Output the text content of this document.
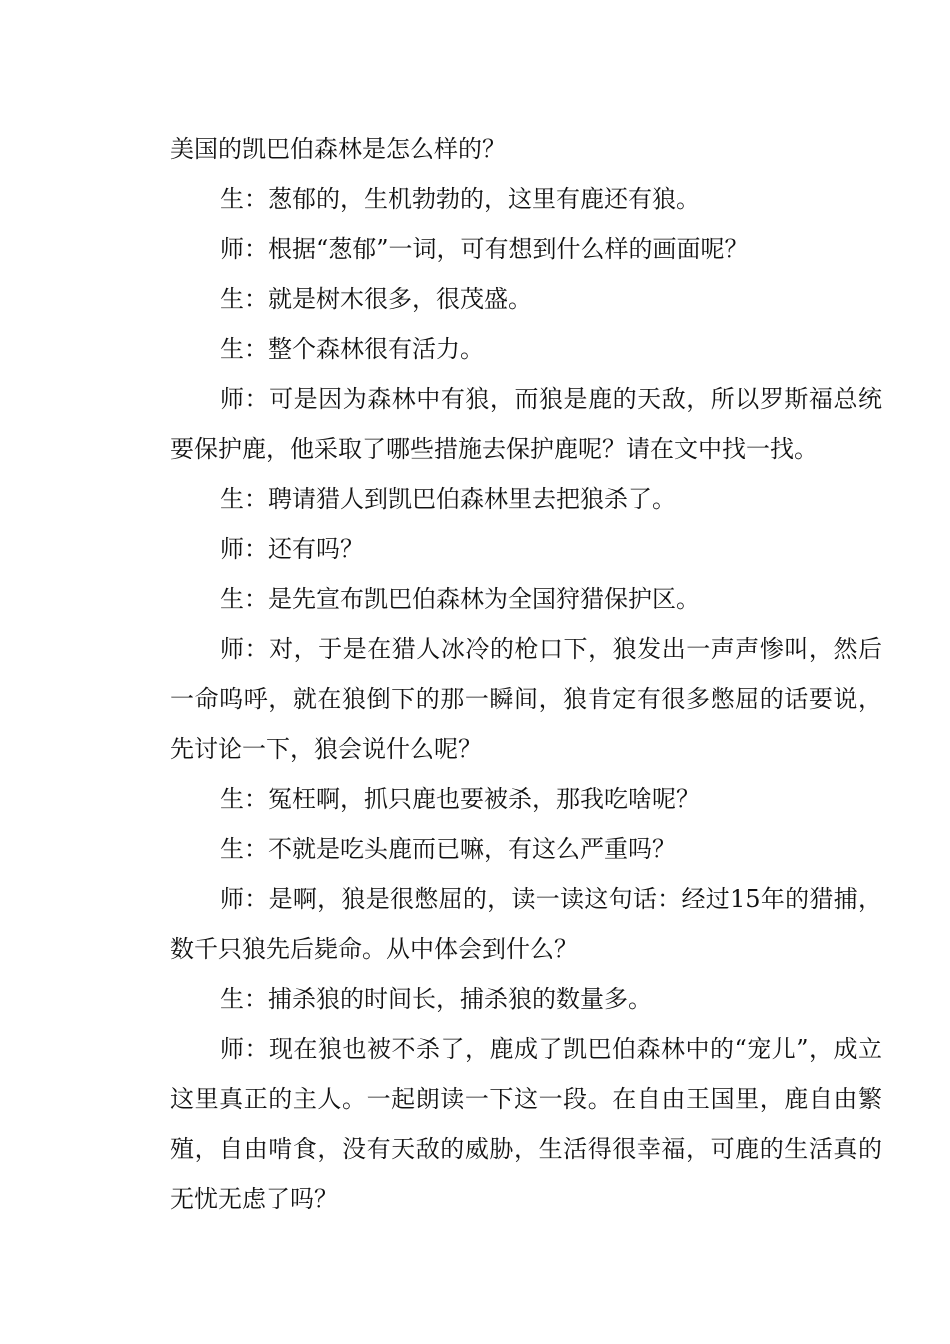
美国的凯巴伯森林是怎么样的？

生：葱郁的，生机勃勃的，这里有鹿还有狼。

师：根据“葱郁”一词，可有想到什么样的画面呢？

生：就是树木很多，很茂盛。

生：整个森林很有活力。

师：可是因为森林中有狼，而狼是鹿的天敌，所以罗斯福总统要保护鹿，他采取了哪些措施去保护鹿呢？请在文中找一找。

生：聘请猎人到凯巴伯森林里去把狼杀了。

师：还有吗？

生：是先宣布凯巴伯森林为全国狩猎保护区。

师：对，于是在猎人冰冷的枪口下，狼发出一声声惨叫，然后一命呜呼，就在狼倒下的那一瞬间，狼肯定有很多憋屈的话要说，先讨论一下，狼会说什么呢？

生：冤枉啊，抓只鹿也要被杀，那我吃啥呢？

生：不就是吃头鹿而已嘛，有这么严重吗？

师：是啊，狼是很憋屈的，读一读这句话：经过15年的猎捕，数千只狼先后毙命。从中体会到什么？

生：捕杀狼的时间长，捕杀狼的数量多。

师：现在狼也被不杀了，鹿成了凯巴伯森林中的“宠儿”，成立这里真正的主人。一起朗读一下这一段。在自由王国里，鹿自由繁殖，自由啃食，没有天敌的威胁，生活得很幸福，可鹿的生活真的无忧无虑了吗？
